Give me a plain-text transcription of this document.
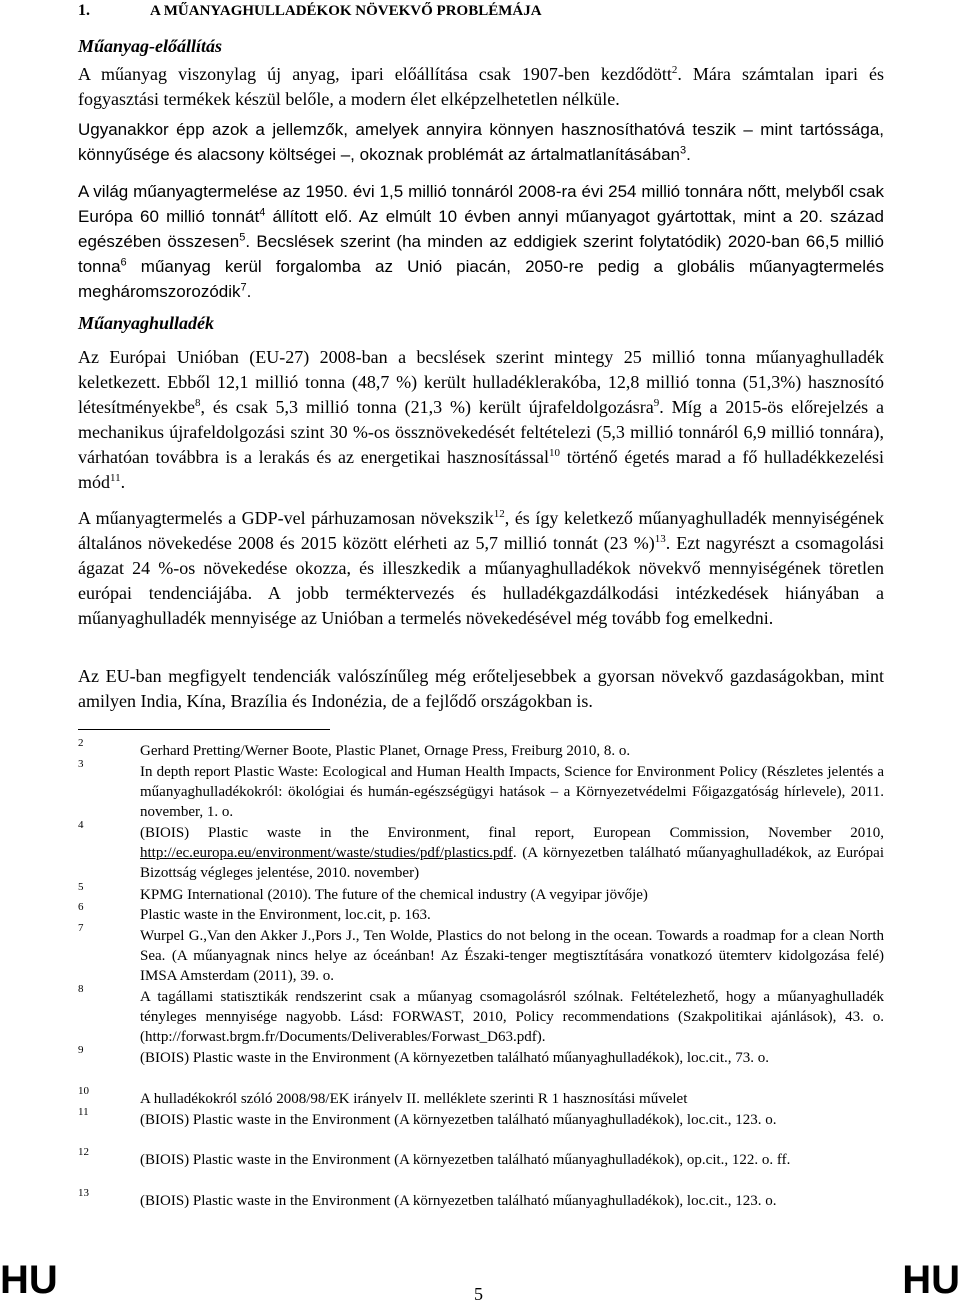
1.	A MŰANYAGHULLADÉKOK NÖVEKVŐ PROBLÉMÁJA
Műanyag-előállítás
A műanyag viszonylag új anyag, ipari előállítása csak 1907-ben kezdődött$^2$. Mára számtalan ipari és fogyasztási termékek készül belőle, a modern élet elképzelhetetlen nélküle.
Ugyanakkor épp azok a jellemzők, amelyek annyira könnyen hasznosíthatóvá teszik – mint tartóssága, könnyűsége és alacsony költségei –, okoznak problémát az ártalmatlanításában$^3$.
A világ műanyagtermelése az 1950. évi 1,5 millió tonnáról 2008-ra évi 254 millió tonnára nőtt, melyből csak Európa 60 millió tonnát$^4$ állított elő. Az elmúlt 10 évben annyi műanyagot gyártottak, mint a 20. század egészében összesen$^5$. Becslések szerint (ha minden az eddigiek szerint folytatódik) 2020-ban 66,5 millió tonna$^6$ műanyag kerül forgalomba az Unió piacán, 2050-re pedig a globális műanyagtermelés megháromszorozódik$^7$.
Műanyaghulladék
Az Európai Unióban (EU-27) 2008-ban a becslések szerint mintegy 25 millió tonna műanyaghulladék keletkezett. Ebből 12,1 millió tonna (48,7 %) került hulladéklerakóba, 12,8 millió tonna (51,3%) hasznosító létesítményekbe$^8$, és csak 5,3 millió tonna (21,3 %) került újrafeldolgozásra$^9$. Míg a 2015-ös előrejelzés a mechanikus újrafeldolgozási szint 30 %-os össznövekedését feltételezi (5,3 millió tonnáról 6,9 millió tonnára), várhatóan továbbra is a lerakás és az energetikai hasznosítással$^{10}$ történő égetés marad a fő hulladékkezelési mód$^{11}$.
A műanyagtermelés a GDP-vel párhuzamosan növekszik$^{12}$, és így keletkező műanyaghulladék mennyiségének általános növekedése 2008 és 2015 között elérheti az 5,7 millió tonnát (23 %)$^{13}$. Ezt nagyrészt a csomagolási ágazat 24 %-os növekedése okozza, és illeszkedik a műanyaghulladékok növekvő mennyiségének töretlen európai tendenciájába. A jobb terméktervezés és hulladékgazdálkodási intézkedések hiányában a műanyaghulladék mennyisége az Unióban a termelés növekedésével még tovább fog emelkedni.
Az EU-ban megfigyelt tendenciák valószínűleg még erőteljesebbek a gyorsan növekvő gazdaságokban, mint amilyen India, Kína, Brazília és Indonézia, de a fejlődő országokban is.
2	Gerhard Pretting/Werner Boote, Plastic Planet, Ornage Press, Freiburg 2010, 8. o.
3	In depth report Plastic Waste: Ecological and Human Health Impacts, Science for Environment Policy (Részletes jelentés a műanyaghulladékokról: ökológiai és humán-egészségügyi hatások – a Környezetvédelmi Főigazgatóság hírlevele), 2011. november, 1. o.
4	(BIOIS) Plastic waste in the Environment, final report, European Commission, November 2010, http://ec.europa.eu/environment/waste/studies/pdf/plastics.pdf. (A környezetben található műanyaghulladékok, az Európai Bizottság végleges jelentése, 2010. november)
5	KPMG International (2010). The future of the chemical industry (A vegyipar jövője)
6	Plastic waste in the Environment, loc.cit, p. 163.
7	Wurpel G.,Van den Akker J.,Pors J., Ten Wolde, Plastics do not belong in the ocean. Towards a roadmap for a clean North Sea. (A műanyagnak nincs helye az óceánban! Az Északi-tenger megtisztítására vonatkozó ütemterv kidolgozása felé) IMSA Amsterdam (2011), 39. o.
8	A tagállami statisztikák rendszerint csak a műanyag csomagolásról szólnak. Feltételezhető, hogy a műanyaghulladék tényleges mennyisége nagyobb. Lásd: FORWAST, 2010, Policy recommendations (Szakpolitikai ajánlások), 43. o. (http://forwast.brgm.fr/Documents/Deliverables/Forwast_D63.pdf).
9	(BIOIS) Plastic waste in the Environment (A környezetben található műanyaghulladékok), loc.cit., 73. o.
10	A hulladékokról szóló 2008/98/EK irányelv II. melléklete szerinti R 1 hasznosítási művelet
11	(BIOIS) Plastic waste in the Environment (A környezetben található műanyaghulladékok), loc.cit., 123. o.
12	(BIOIS) Plastic waste in the Environment (A környezetben található műanyaghulladékok), op.cit., 122. o. ff.
13	(BIOIS) Plastic waste in the Environment (A környezetben található műanyaghulladékok), loc.cit., 123. o.
HU	5	HU
